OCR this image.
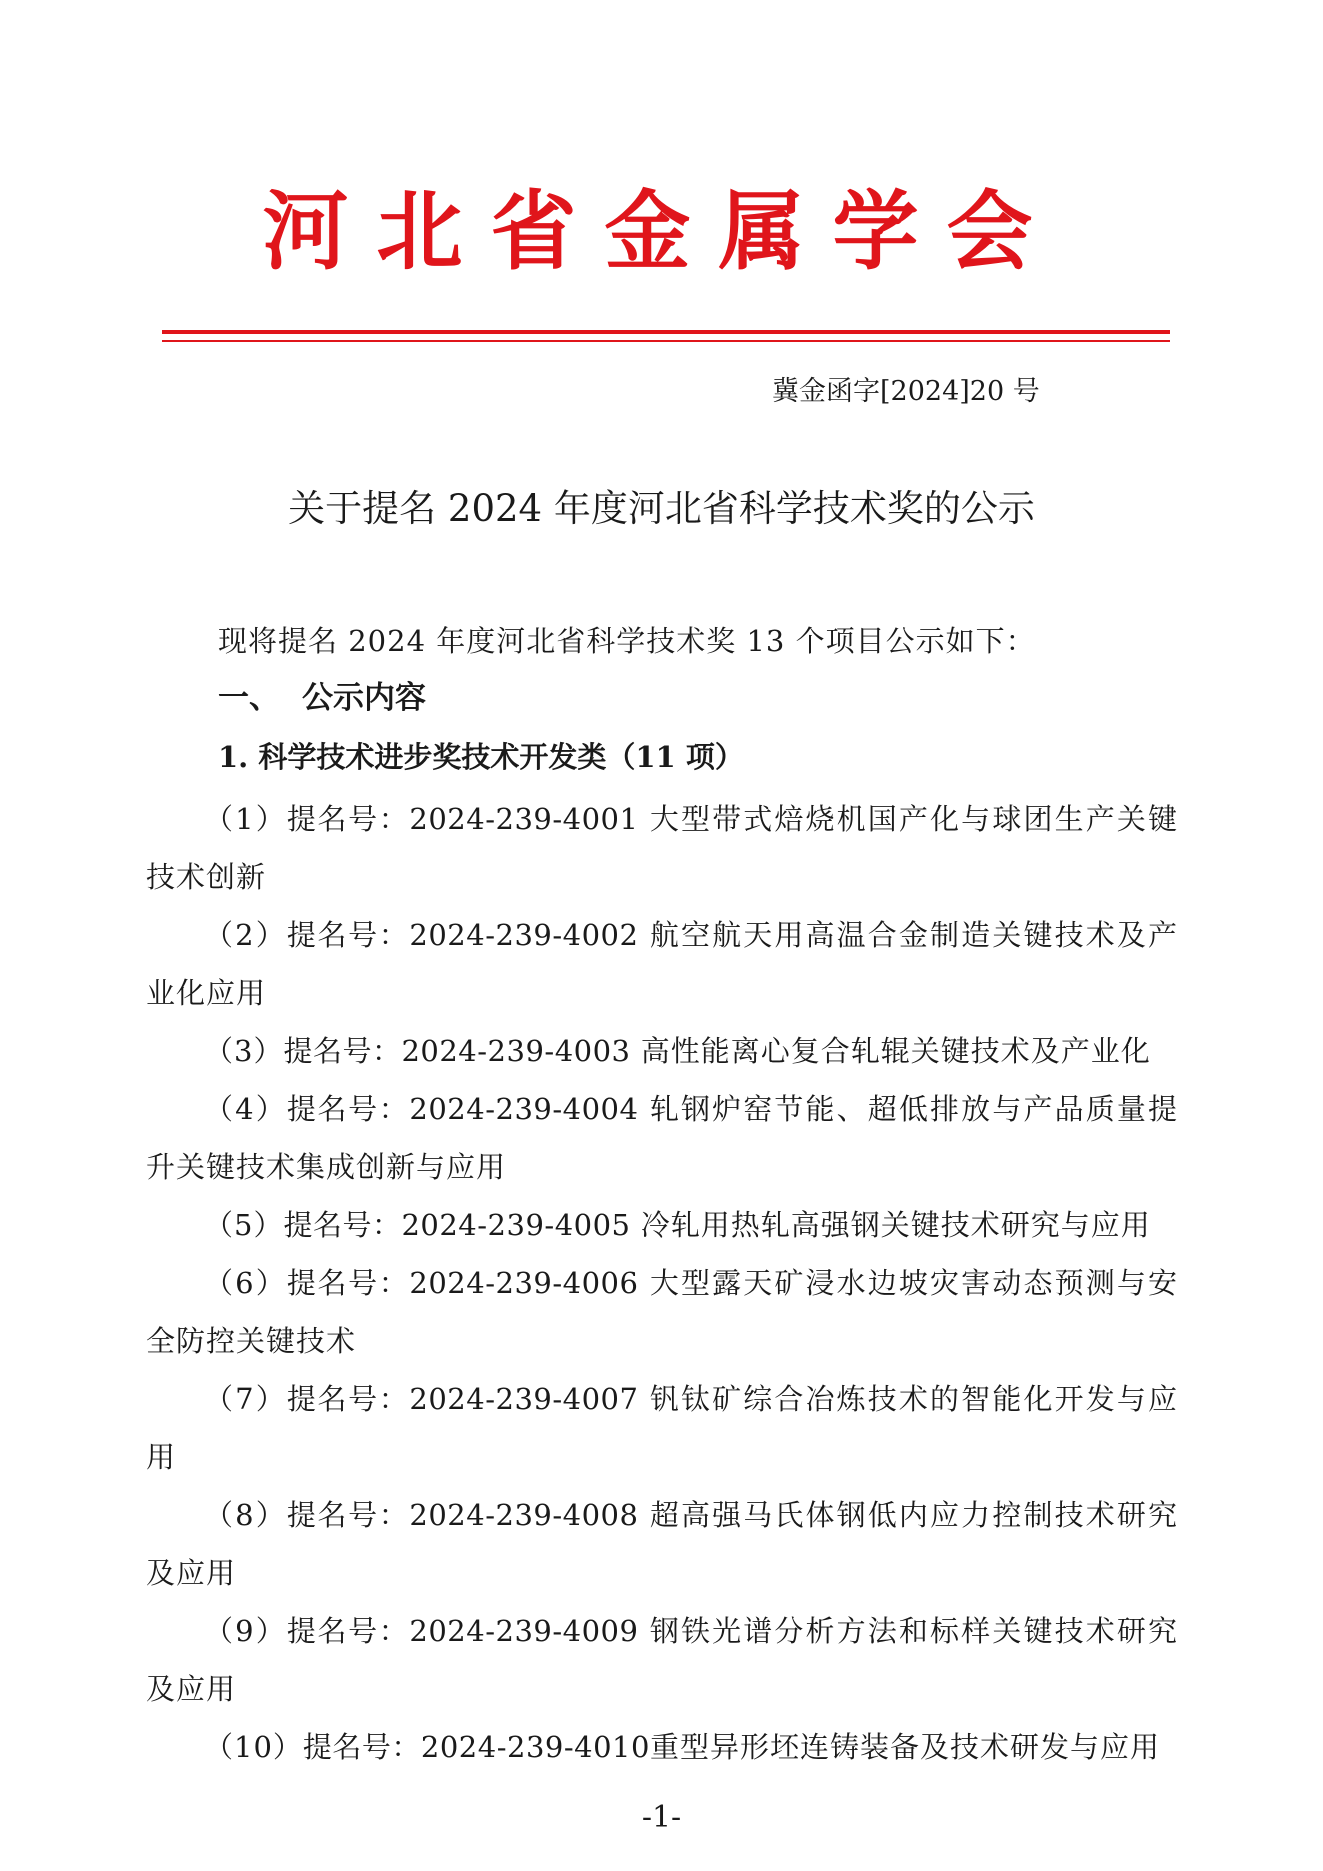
河北省金属学会
冀金函字[2024]20 号
关于提名 2024 年度河北省科学技术奖的公示
现将提名 2024 年度河北省科学技术奖 13 个项目公示如下：
一、 公示内容
1. 科学技术进步奖技术开发类（11 项）
（1）提名号：2024-239-4001 大型带式焙烧机国产化与球团生产关键技术创新
（2）提名号：2024-239-4002 航空航天用高温合金制造关键技术及产业化应用
（3）提名号：2024-239-4003 高性能离心复合轧辊关键技术及产业化
（4）提名号：2024-239-4004 轧钢炉窑节能、超低排放与产品质量提升关键技术集成创新与应用
（5）提名号：2024-239-4005 冷轧用热轧高强钢关键技术研究与应用
（6）提名号：2024-239-4006 大型露天矿浸水边坡灾害动态预测与安全防控关键技术
（7）提名号：2024-239-4007 钒钛矿综合冶炼技术的智能化开发与应用
（8）提名号：2024-239-4008 超高强马氏体钢低内应力控制技术研究及应用
（9）提名号：2024-239-4009 钢铁光谱分析方法和标样关键技术研究及应用
（10）提名号：2024-239-4010重型异形坯连铸装备及技术研发与应用
-1-
